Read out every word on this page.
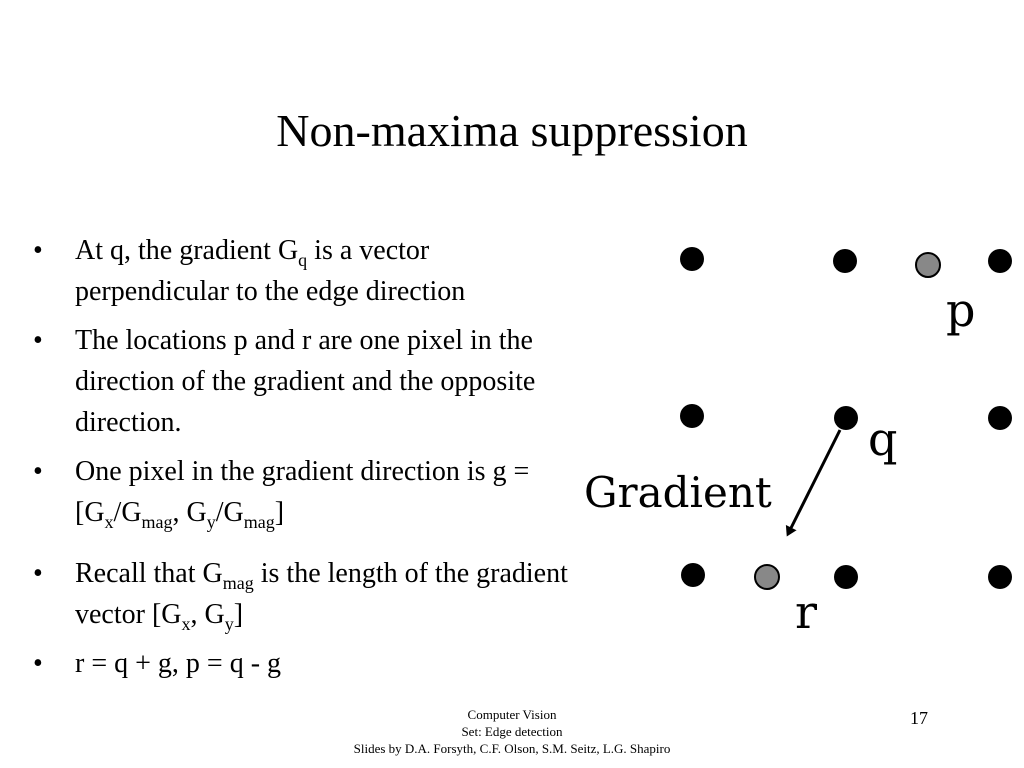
Non-maxima suppression
• At q, the gradient $G_q$ is a vector perpendicular to the edge direction
• The locations p and r are one pixel in the direction of the gradient and the opposite direction.
• One pixel in the gradient direction is $g = [G_x/G_{mag}$, $G_y/G_{mag}$]
• Recall that $G_{mag}$ is the length of the gradient vector [$G_x$, $G_y$]
• r = q + g, p = q - g
p
q
r
Gradient
Computer Vision
Set: Edge detection
Slides by D.A. Forsyth, C.F. Olson, S.M. Seitz, L.G. Shapiro
17
